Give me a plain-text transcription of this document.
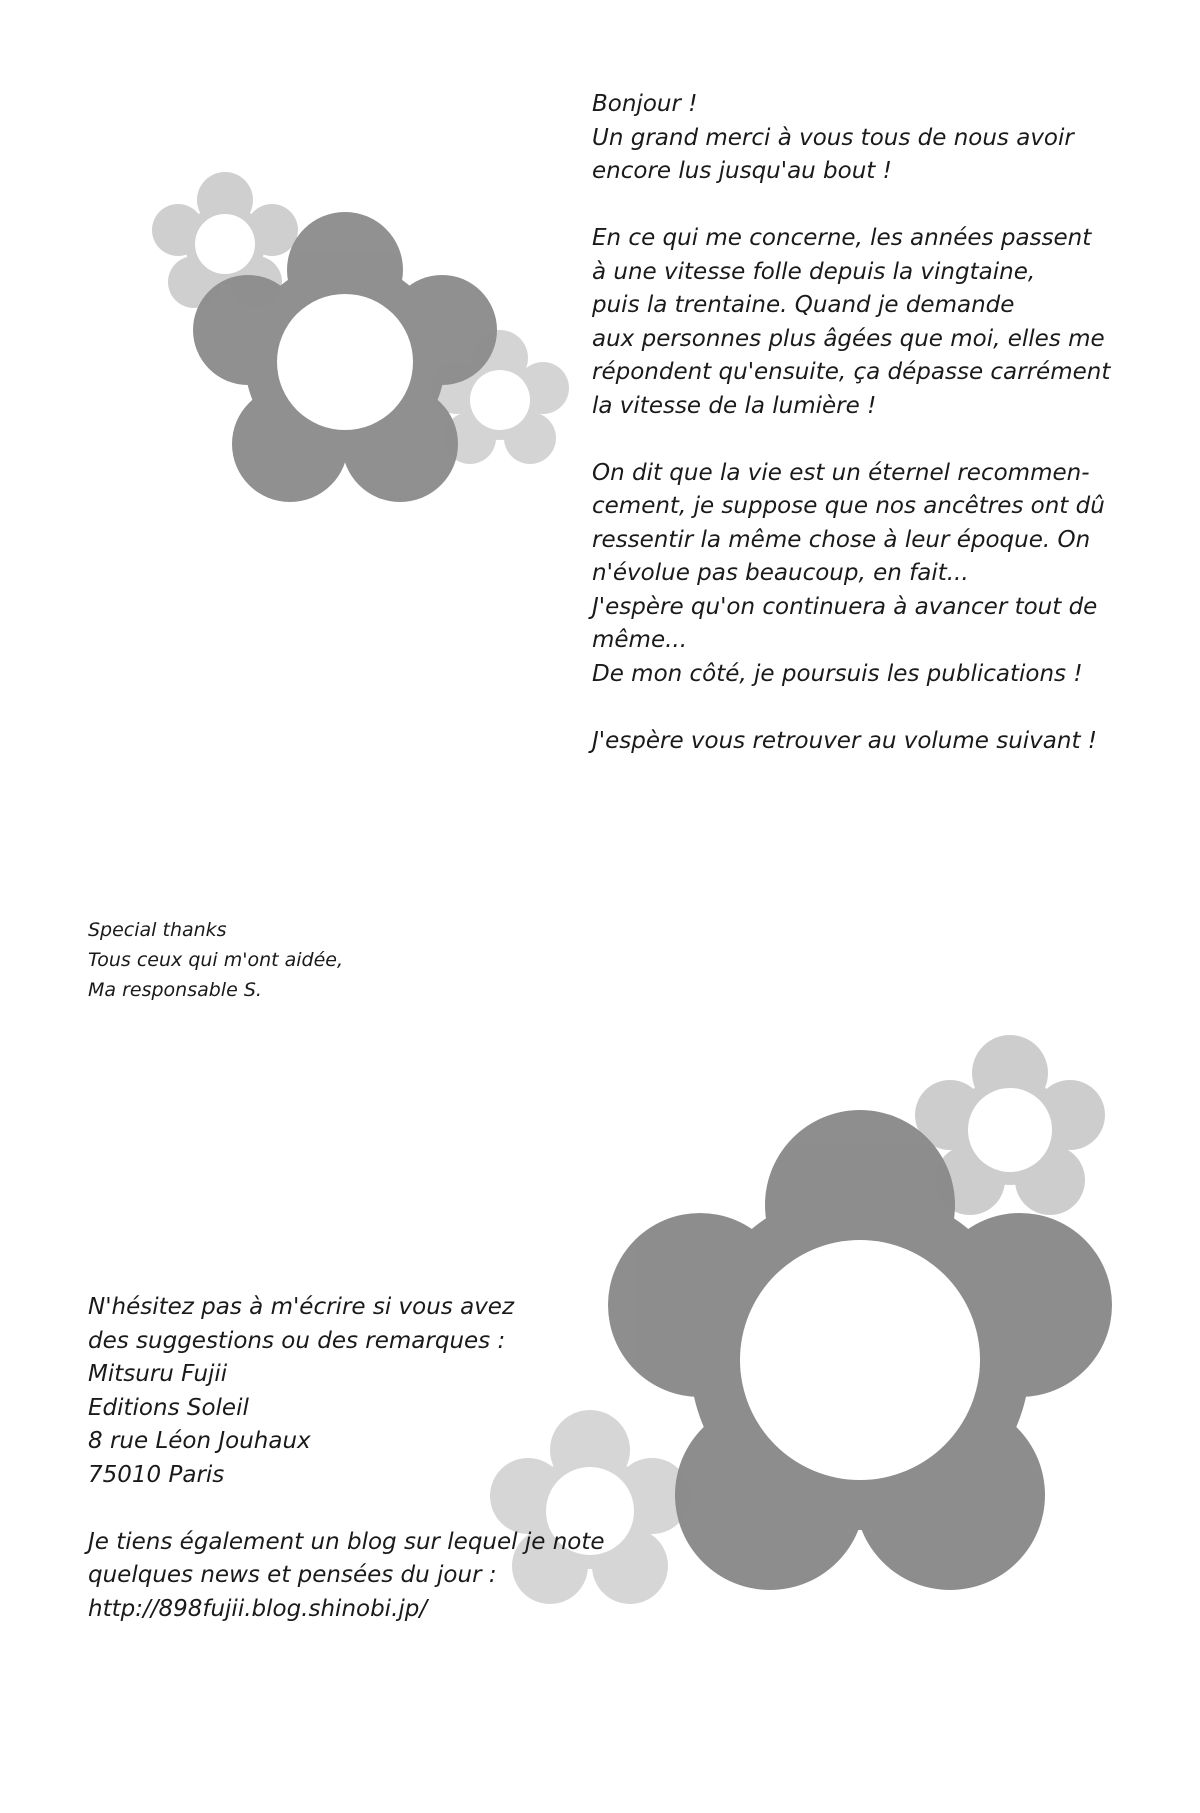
Bonjour !
Un grand merci à vous tous de nous avoir
encore lus jusqu'au bout !

En ce qui me concerne, les années passent
à une vitesse folle depuis la vingtaine,
puis la trentaine. Quand je demande
aux personnes plus âgées que moi, elles me
répondent qu'ensuite, ça dépasse carrément
la vitesse de la lumière !

On dit que la vie est un éternel recommen-
cement, je suppose que nos ancêtres ont dû
ressentir la même chose à leur époque. On
n'évolue pas beaucoup, en fait...
J'espère qu'on continuera à avancer tout de
même...
De mon côté, je poursuis les publications !

J'espère vous retrouver au volume suivant !

Special thanks
Tous ceux qui m'ont aidée,
Ma responsable S.

N'hésitez pas à m'écrire si vous avez
des suggestions ou des remarques :
Mitsuru Fujii
Editions Soleil
8 rue Léon Jouhaux
75010 Paris

Je tiens également un blog sur lequel je note
quelques news et pensées du jour :
http://898fujii.blog.shinobi.jp/
